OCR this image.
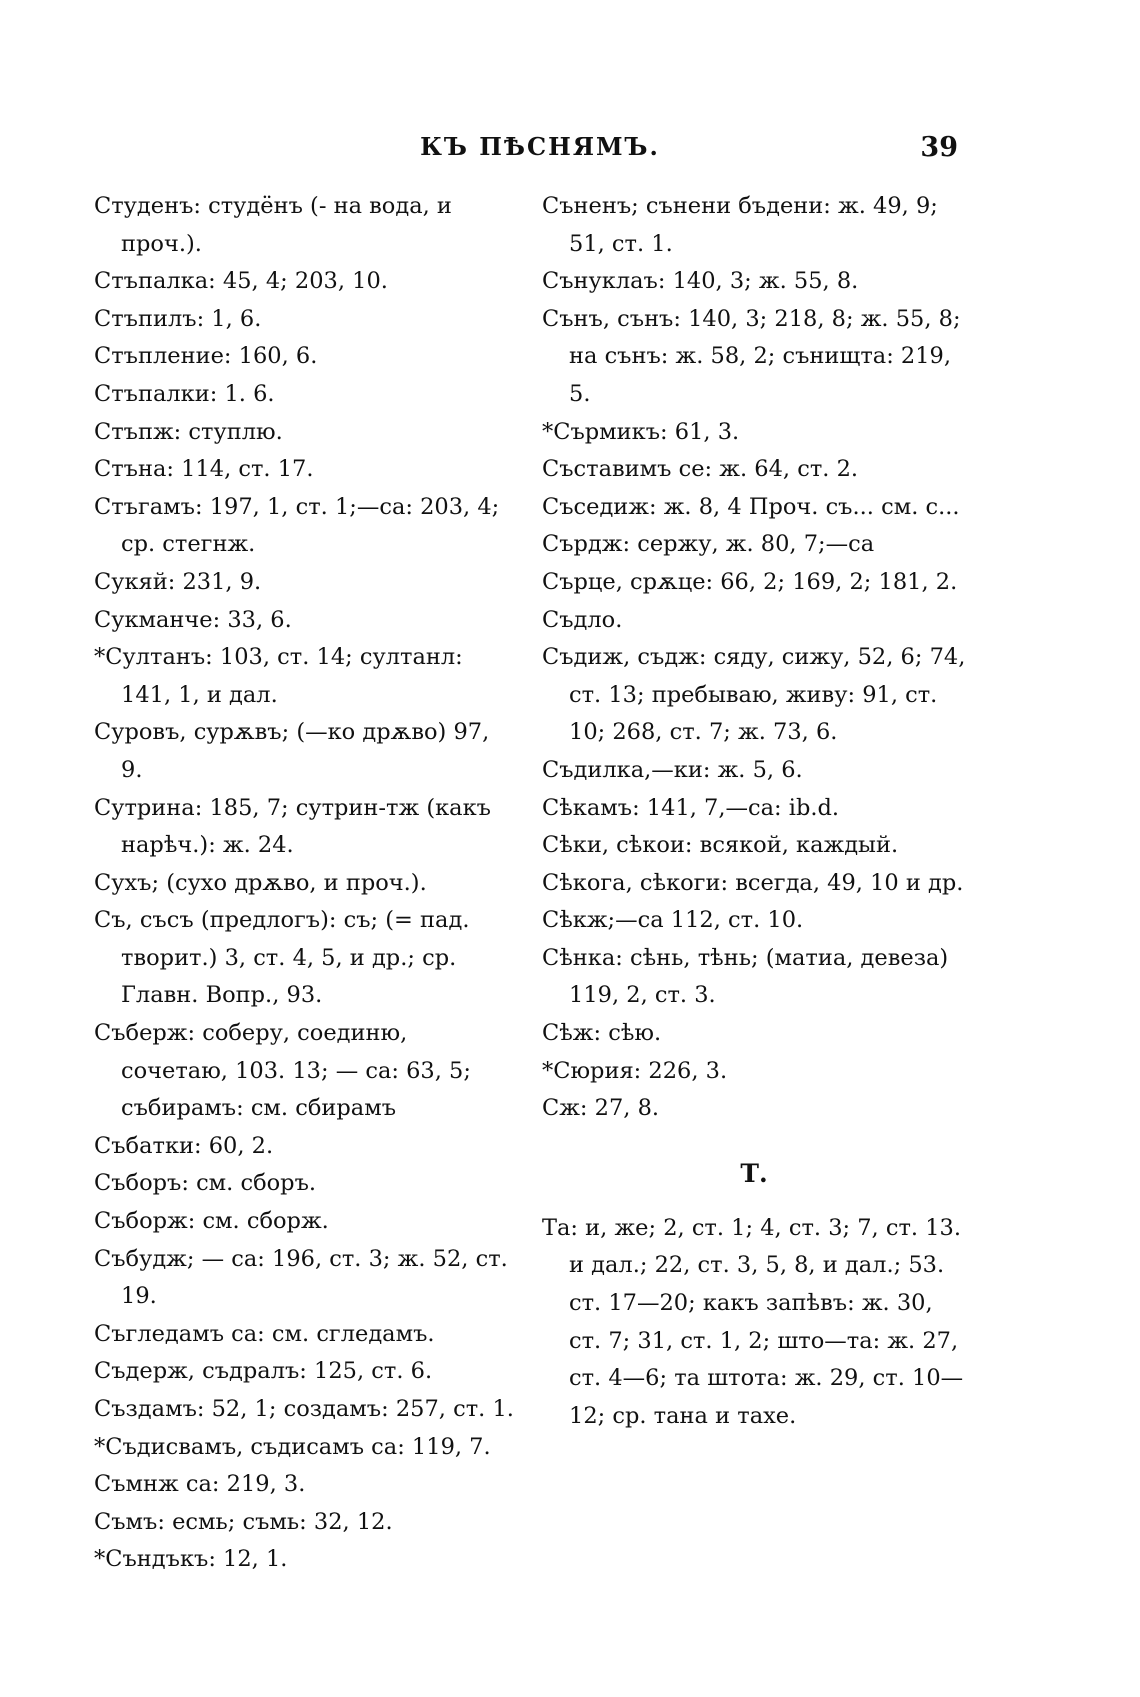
КЪ ПѢСНЯМЪ.	39

Студенъ: студёнъ (- на вода, и проч.).

Стъпалка: 45, 4; 203, 10.

Стъпилъ: 1, 6.

Стъпление: 160, 6.

Стъпалки: 1. 6.

Стъпж: ступлю.

Стъна: 114, ст. 17.

Стъгамъ: 197, 1, ст. 1;—са: 203, 4; ср. стегнж.

Сукяй: 231, 9.

Сукманче: 33, 6.

*Султанъ: 103, ст. 14; султанл: 141, 1, и дал.

Суровъ, сурѫвъ; (—ко дрѫво) 97, 9.

Сутрина: 185, 7; сутрин-тж (какъ нарѣч.): ж. 24.

Сухъ; (сухо дрѫво, и проч.).

Съ, съсъ (предлогъ): съ; (= пад. творит.) 3, ст. 4, 5, и др.; ср. Главн. Вопр., 93.

Съберж: соберу, соединю, сочетаю, 103. 13; — са: 63, 5; събирамъ: см. сбирамъ

Събатки: 60, 2.

Съборъ: см. сборъ.

Съборж: см. сборж.

Събудж; — са: 196, ст. 3; ж. 52, ст. 19.

Съгледамъ са: см. сгледамъ.

Съдерж, съдралъ: 125, ст. 6.

Създамъ: 52, 1; создамъ: 257, ст. 1.

*Съдисвамъ, съдисамъ са: 119, 7.

Съмнж са: 219, 3.

Съмъ: есмь; съмь: 32, 12.

*Съндъкъ: 12, 1.

Съненъ; сънени бъдени: ж. 49, 9; 51, ст. 1.

Сънуклаъ: 140, 3; ж. 55, 8.

Сънъ, сънъ: 140, 3; 218, 8; ж. 55, 8; на сънъ: ж. 58, 2; сънищта: 219, 5.

*Сърмикъ: 61, 3.

Съставимъ се: ж. 64, ст. 2.

Съседиж: ж. 8, 4 Проч. съ... см. с...

Сърдж: сержу, ж. 80, 7;—са

Сърце, срѫце: 66, 2; 169, 2; 181, 2.

Съдло.

Съдиж, съдж: сяду, сижу, 52, 6; 74, ст. 13; пребываю, живу: 91, ст. 10; 268, ст. 7; ж. 73, 6.

Съдилка,—ки: ж. 5, 6.

Сѣкамъ: 141, 7,—са: ib.d.

Сѣки, сѣкои: всякой, каждый.

Сѣкога, сѣкоги: всегда, 49, 10 и др.

Сѣкж;—са 112, ст. 10.

Сѣнка: сѣнь, тѣнь; (матиа, девеза) 119, 2, ст. 3.

Сѣж: сѣю.

*Сюрия: 226, 3.

Сж: 27, 8.

Т.

Та: и, же; 2, ст. 1; 4, ст. 3; 7, ст. 13. и дал.; 22, ст. 3, 5, 8, и дал.; 53. ст. 17—20; какъ запѣвъ: ж. 30, ст. 7; 31, ст. 1, 2; што—та: ж. 27, ст. 4—6; та штота: ж. 29, ст. 10—12; ср. тана и тахе.
